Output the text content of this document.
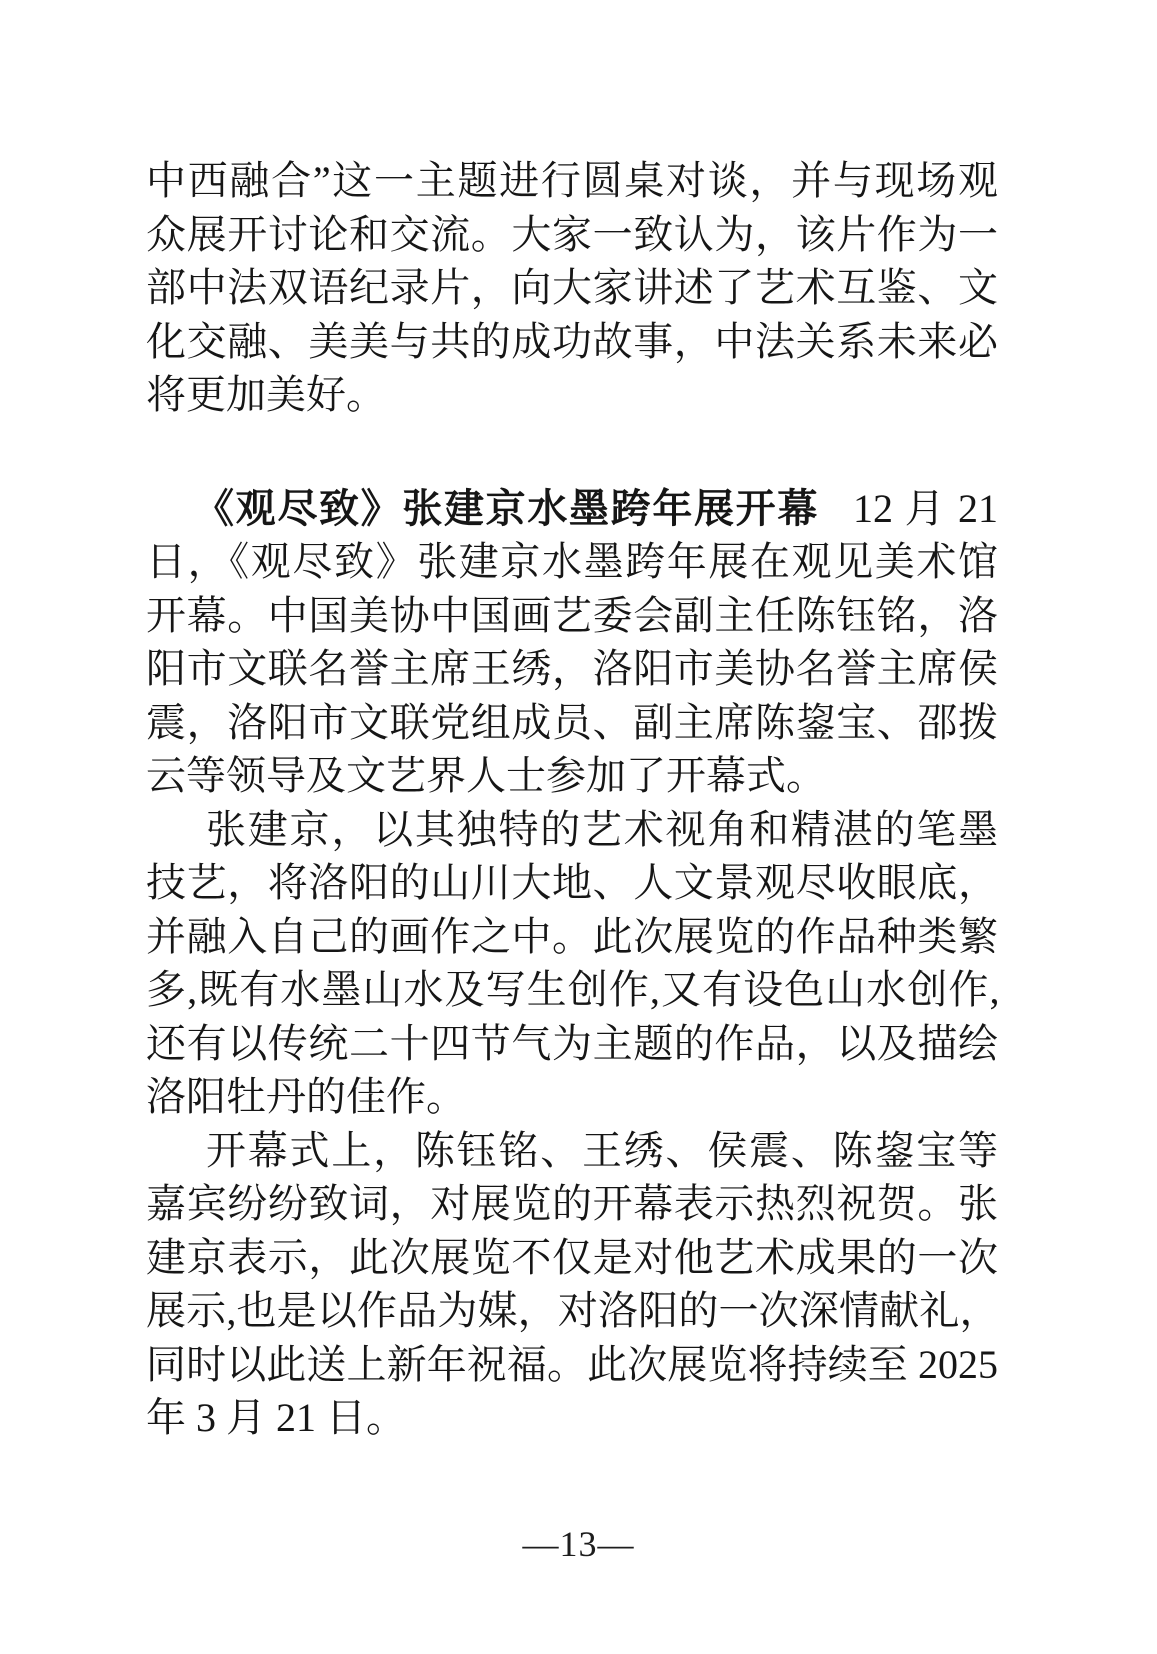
中西融合”这一主题进行圆桌对谈，并与现场观
众展开讨论和交流。大家一致认为，该片作为一
部中法双语纪录片，向大家讲述了艺术互鉴、文
化交融、美美与共的成功故事，中法关系未来必
将更加美好。
《观尽致》张建京水墨跨年展开幕 12 月 21
日，《观尽致》张建京水墨跨年展在观见美术馆
开幕。中国美协中国画艺委会副主任陈钰铭，洛
阳市文联名誉主席王绣，洛阳市美协名誉主席侯
震，洛阳市文联党组成员、副主席陈鋆宝、邵拨
云等领导及文艺界人士参加了开幕式。
张建京，以其独特的艺术视角和精湛的笔墨
技艺，将洛阳的山川大地、人文景观尽收眼底，
并融入自己的画作之中。此次展览的作品种类繁
多,既有水墨山水及写生创作,又有设色山水创作,
还有以传统二十四节气为主题的作品，以及描绘
洛阳牡丹的佳作。
开幕式上，陈钰铭、王绣、侯震、陈鋆宝等
嘉宾纷纷致词，对展览的开幕表示热烈祝贺。张
建京表示，此次展览不仅是对他艺术成果的一次
展示,也是以作品为媒，对洛阳的一次深情献礼，
同时以此送上新年祝福。此次展览将持续至 2025
年 3 月 21 日。
—13—
